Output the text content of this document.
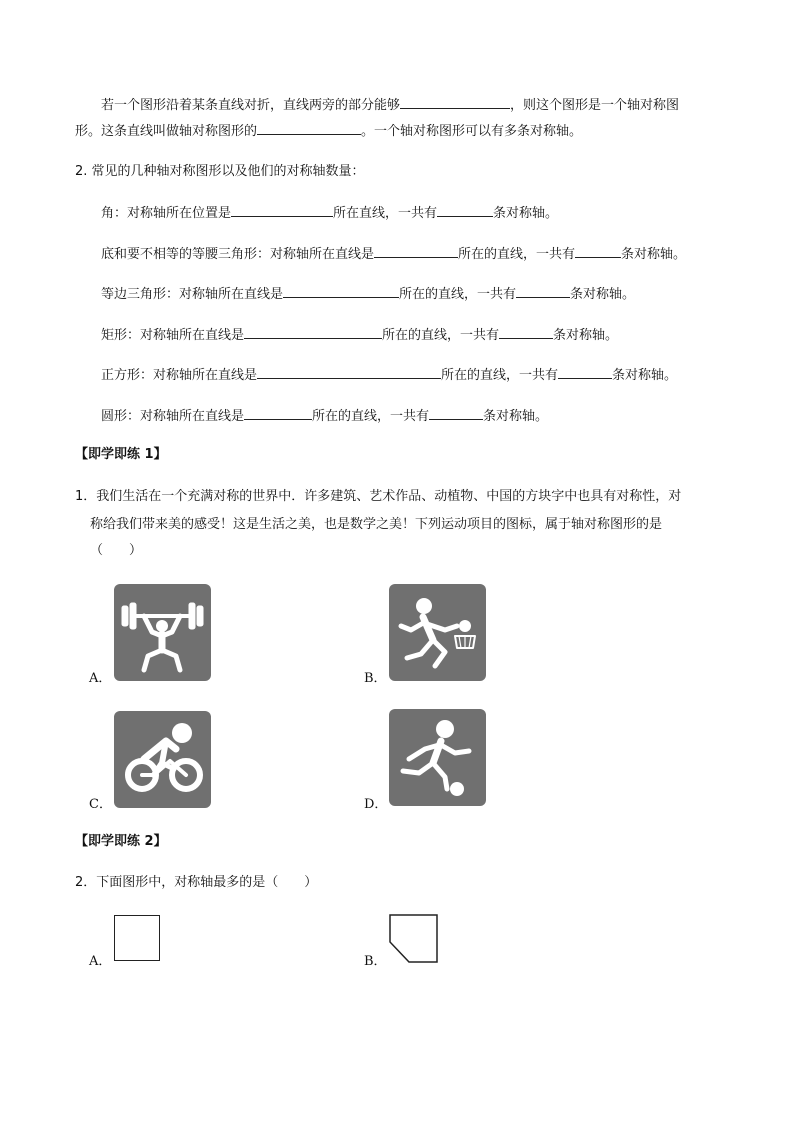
若一个图形沿着某条直线对折，直线两旁的部分能够	，则这个图形是一个轴对称图
形。这条直线叫做轴对称图形的	。一个轴对称图形可以有多条对称轴。
2. 常见的几种轴对称图形以及他们的对称轴数量：
角：对称轴所在位置是	所在直线，一共有	条对称轴。
底和要不相等的等腰三角形：对称轴所在直线是	所在的直线，一共有	条对称轴。
等边三角形：对称轴所在直线是	所在的直线，一共有	条对称轴。
矩形：对称轴所在直线是	所在的直线，一共有	条对称轴。
正方形：对称轴所在直线是	所在的直线，一共有	条对称轴。
圆形：对称轴所在直线是	所在的直线，一共有	条对称轴。
【即学即练 1】
1．我们生活在一个充满对称的世界中．许多建筑、艺术作品、动植物、中国的方块字中也具有对称性，对
称给我们带来美的感受！这是生活之美，也是数学之美！下列运动项目的图标，属于轴对称图形的是
（　　）
A．	B．
C．	D．
【即学即练 2】
2．下面图形中，对称轴最多的是（　　）
A．	B．
